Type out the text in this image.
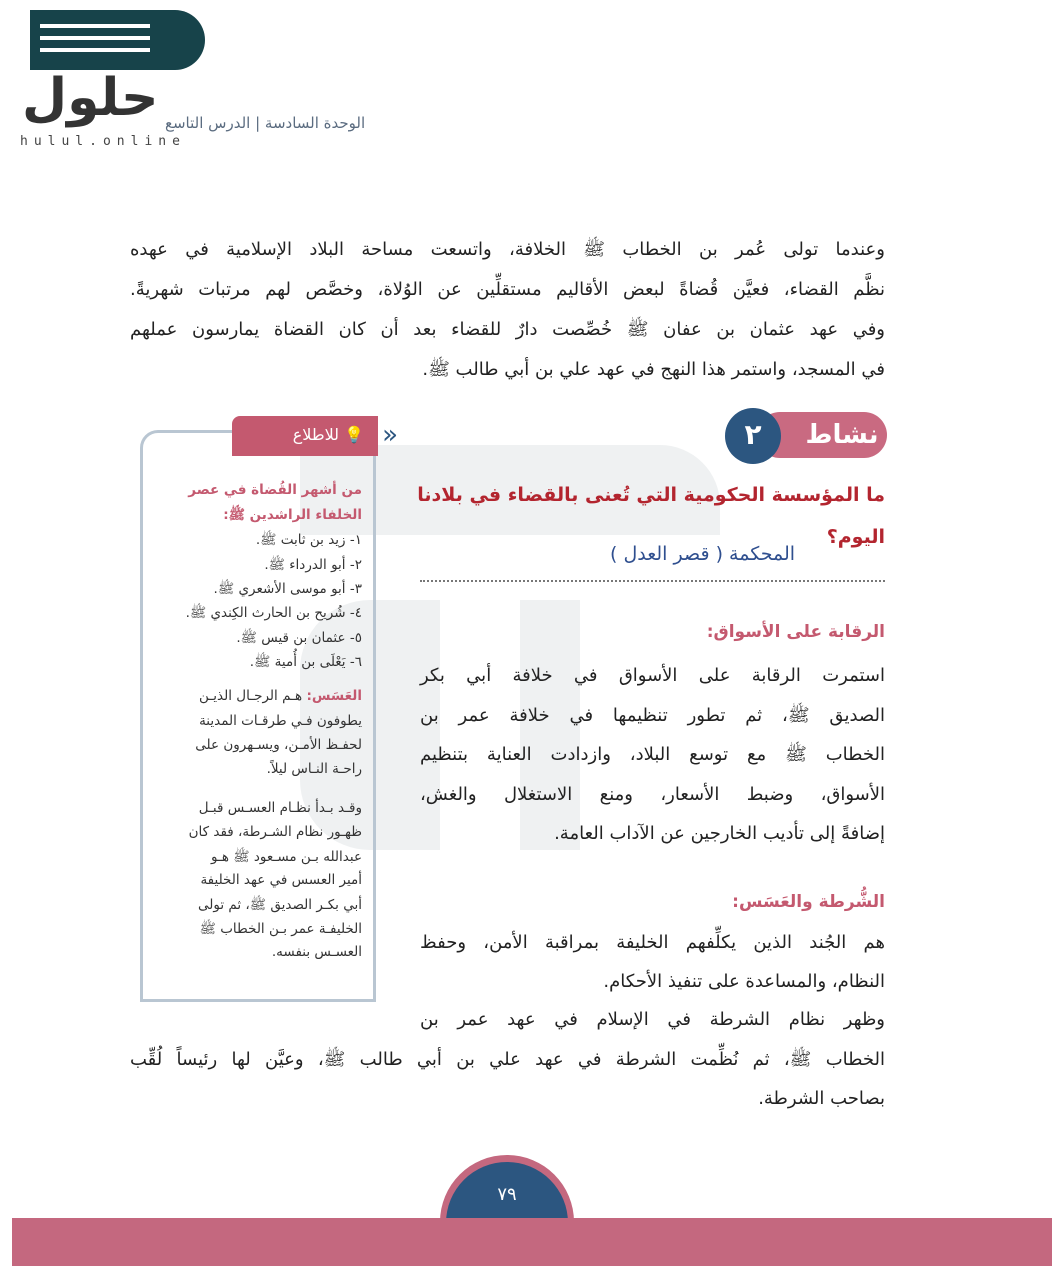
حلول
hulul.online
الوحدة السادسة | الدرس التاسع
وعندما تولى عُمر بن الخطاب ﷺ الخلافة، واتسعت مساحة البلاد الإسلامية في عهده
نظَّم القضاء، فعيَّن قُضاةً لبعض الأقاليم مستقلِّين عن الوُلاة، وخصَّص لهم مرتبات شهريةً.
وفي عهد عثمان بن عفان ﷺ خُصِّصت دارٌ للقضاء بعد أن كان القضاة يمارسون عملهم
في المسجد، واستمر هذا النهج في عهد علي بن أبي طالب ﷺ.
نشاط
٢
ما المؤسسة الحكومية التي تُعنى بالقضاء في بلادنا
اليوم؟
المحكمة ( قصر العدل )
💡 للاطلاع «
من أشهر القُضاة في عصر
الخلفاء الراشدين ﷺ:
١- زيد بن ثابت ﷺ.
٢- أبو الدرداء ﷺ.
٣- أبو موسى الأشعري ﷺ.
٤- شُريح بن الحارث الكِندي ﷺ.
٥- عثمان بن قيس ﷺ.
٦- يَعْلَى بن أُمية ﷺ.
العَسَس: هـم الرجـال الذيـن
يطوفون فـي طرقـات المدينة
لحفـظ الأمـن، ويسـهرون على
راحـة النـاس ليلاً.
وقـد بـدأ نظـام العسـس قبـل
ظهـور نظام الشـرطة، فقد كان
عبدالله بـن مسـعود ﷺ هـو
أمير العسس في عهد الخليفة
أبي بكـر الصديق ﷺ، ثم تولى
الخليفـة عمر بـن الخطاب ﷺ
العسـس بنفسه.
الرقابة على الأسواق:
استمرت الرقابة على الأسواق في خلافة أبي بكر
الصديق ﷺ، ثم تطور تنظيمها في خلافة عمر بن
الخطاب ﷺ مع توسع البلاد، وازدادت العناية بتنظيم
الأسواق، وضبط الأسعار، ومنع الاستغلال والغش،
إضافةً إلى تأديب الخارجين عن الآداب العامة.
الشُّرطة والعَسَس:
هم الجُند الذين يكلِّفهم الخليفة بمراقبة الأمن، وحفظ
النظام، والمساعدة على تنفيذ الأحكام.
وظهر نظام الشرطة في الإسلام في عهد عمر بن
الخطاب ﷺ، ثم نُظِّمت الشرطة في عهد علي بن أبي طالب ﷺ، وعيَّن لها رئيساً لُقِّب
بصاحب الشرطة.
٧٩
